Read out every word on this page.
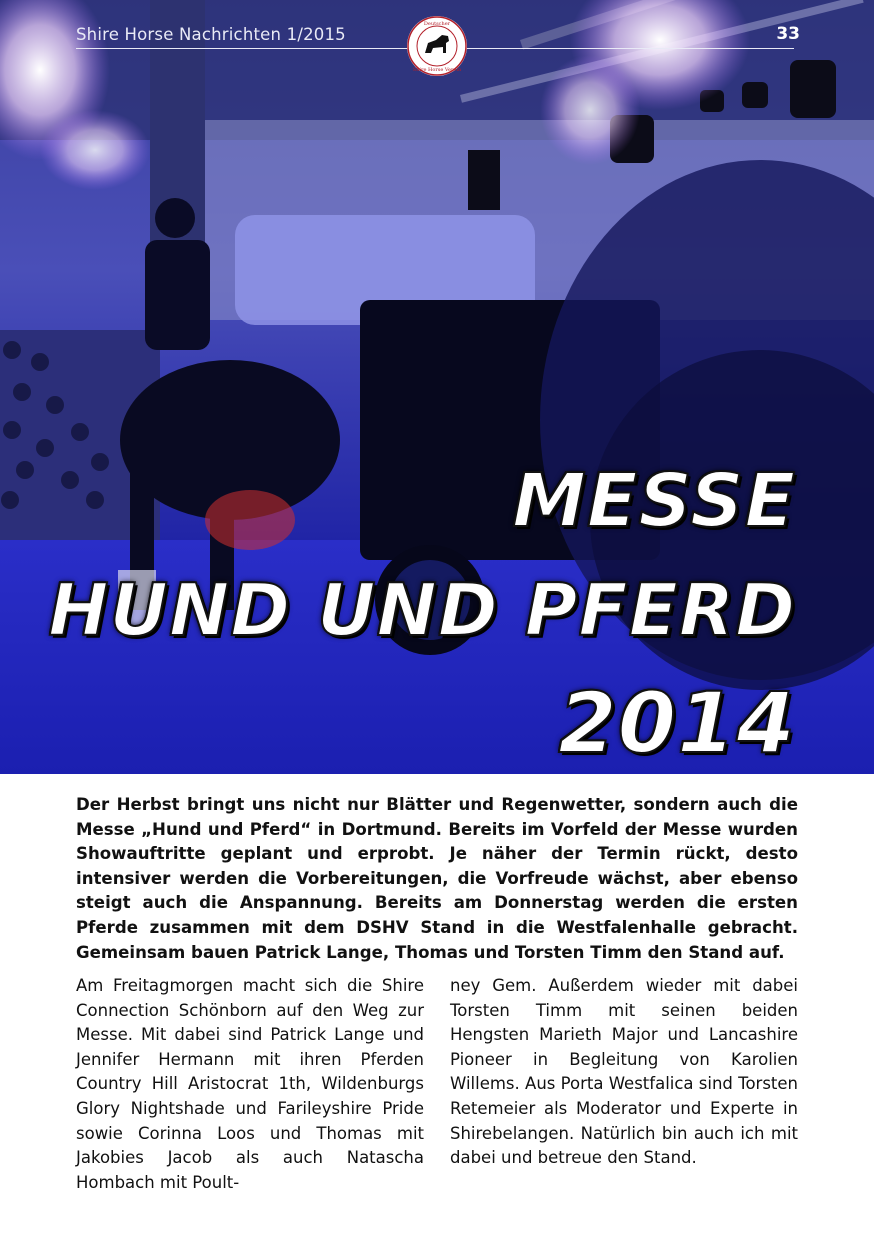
Shire Horse Nachrichten 1/2015	33
Deutscher
Shire Horse Verein
MESSE
HUND UND PFERD
2014

Der Herbst bringt uns nicht nur Blätter und Regenwetter, sondern auch die Messe „Hund und Pferd“ in Dortmund. Bereits im Vorfeld der Messe wurden Showauftritte geplant und erprobt. Je näher der Termin rückt, desto intensiver werden die Vorbereitungen, die Vorfreude wächst, aber ebenso steigt auch die Anspannung. Bereits am Donnerstag werden die ersten Pferde zusammen mit dem DSHV Stand in die Westfalenhalle gebracht. Gemeinsam bauen Patrick Lange, Thomas und Torsten Timm den Stand auf.

Am Freitagmorgen macht sich die Shire Connection Schönborn auf den Weg zur Messe. Mit dabei sind Patrick Lange und Jennifer Hermann mit ihren Pferden Country Hill Aristocrat 1th, Wildenburgs Glory Nightshade und Farileyshire Pride sowie Corinna Loos und Thomas mit Jakobies Jacob als auch Natascha Hombach mit Poult-

ney Gem. Außerdem wieder mit dabei Torsten Timm mit seinen beiden Hengsten Marieth Major und Lancashire Pioneer in Begleitung von Karolien Willems. Aus Porta Westfalica sind Torsten Retemeier als Moderator und Experte in Shirebelangen. Natürlich bin auch ich mit dabei und betreue den Stand.
